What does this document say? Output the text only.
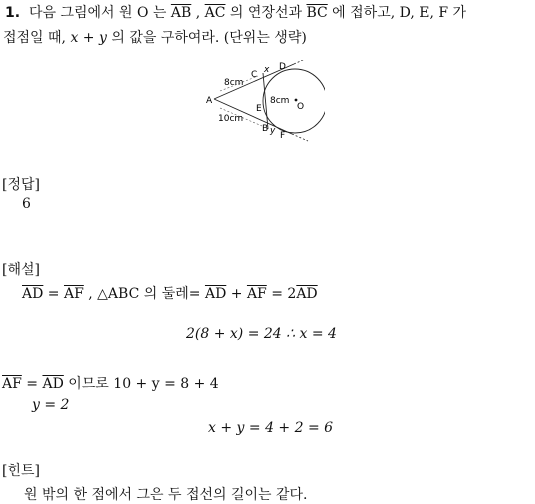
1. 다음 그림에서 원 O 는 $\overline{AB}$ , $\overline{AC}$ 의 연장선과 $\overline{BC}$ 에 접하고, D, E, F 가
접점일 때, x + y 의 값을 구하여라. (단위는 생략)
A
C
D
E
B
F
O
x
y
8cm
8cm
10cm
[정답]
6
[해설]
$\overline{AD} = \overline{AF}$ , △ABC 의 둘레= $\overline{AD} + \overline{AF} = 2\overline{AD}$
2(8 + x) = 24 ∴ x = 4
$\overline{AF} = \overline{AD}$ 이므로 10 + y = 8 + 4
y = 2
x + y = 4 + 2 = 6
[힌트]
원 밖의 한 점에서 그은 두 접선의 길이는 같다.
